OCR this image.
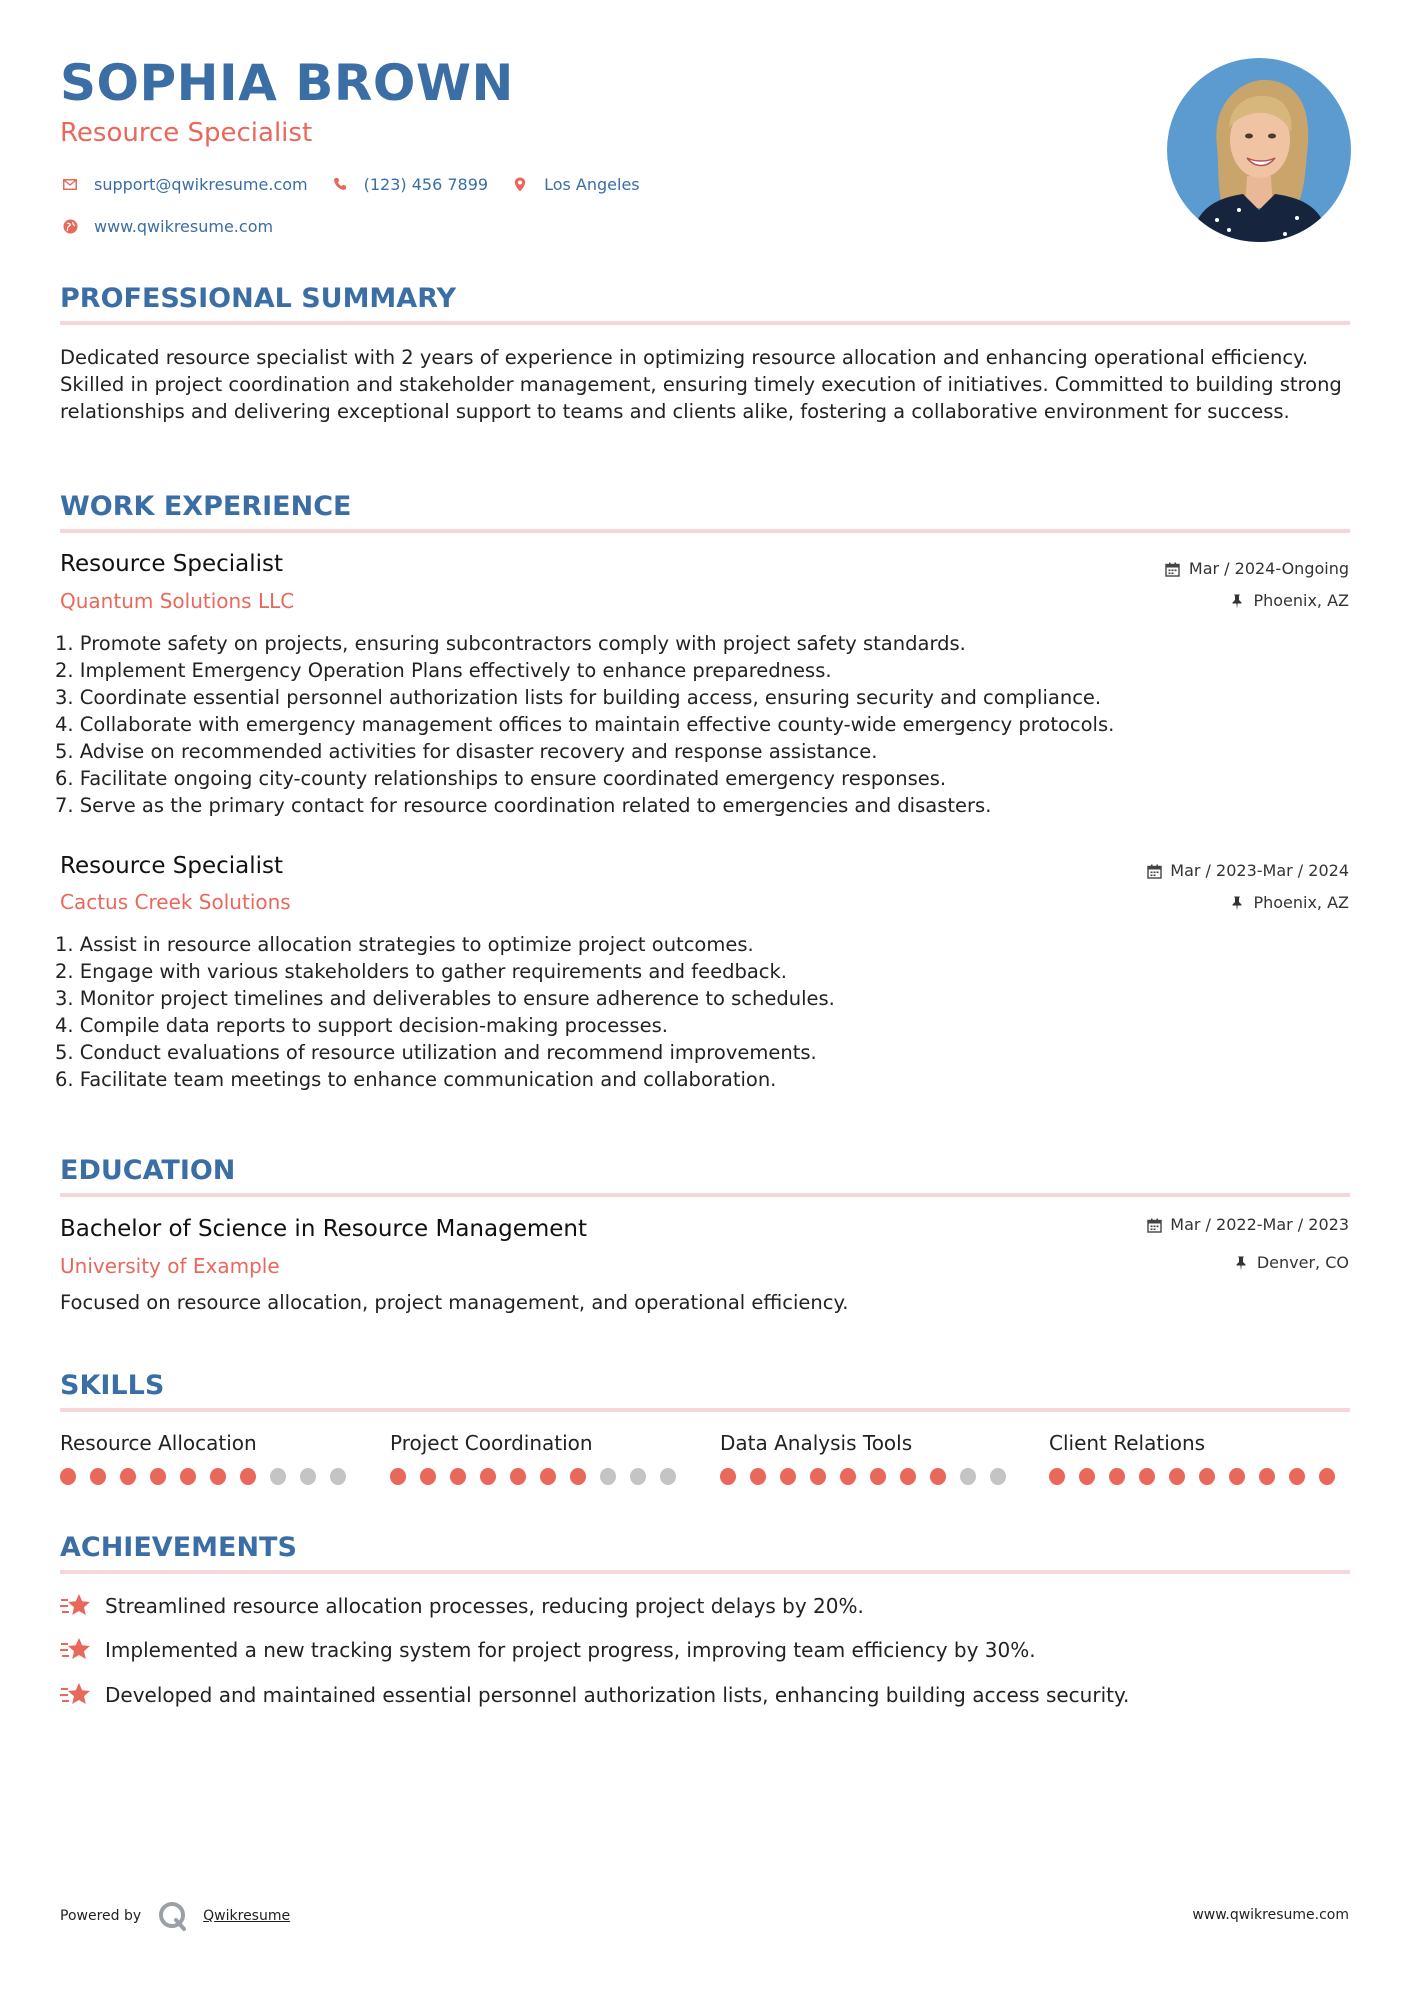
SOPHIA BROWN
Resource Specialist
support@qwikresume.com	(123) 456 7899	Los Angeles
www.qwikresume.com
PROFESSIONAL SUMMARY
Dedicated resource specialist with 2 years of experience in optimizing resource allocation and enhancing operational efficiency. Skilled in project coordination and stakeholder management, ensuring timely execution of initiatives. Committed to building strong relationships and delivering exceptional support to teams and clients alike, fostering a collaborative environment for success.
WORK EXPERIENCE
Resource Specialist
Quantum Solutions LLC
Mar / 2024-Ongoing
Phoenix, AZ
1. Promote safety on projects, ensuring subcontractors comply with project safety standards.
2. Implement Emergency Operation Plans effectively to enhance preparedness.
3. Coordinate essential personnel authorization lists for building access, ensuring security and compliance.
4. Collaborate with emergency management offices to maintain effective county-wide emergency protocols.
5. Advise on recommended activities for disaster recovery and response assistance.
6. Facilitate ongoing city-county relationships to ensure coordinated emergency responses.
7. Serve as the primary contact for resource coordination related to emergencies and disasters.
Resource Specialist
Cactus Creek Solutions
Mar / 2023-Mar / 2024
Phoenix, AZ
1. Assist in resource allocation strategies to optimize project outcomes.
2. Engage with various stakeholders to gather requirements and feedback.
3. Monitor project timelines and deliverables to ensure adherence to schedules.
4. Compile data reports to support decision-making processes.
5. Conduct evaluations of resource utilization and recommend improvements.
6. Facilitate team meetings to enhance communication and collaboration.
EDUCATION
Bachelor of Science in Resource Management
University of Example
Mar / 2022-Mar / 2023
Denver, CO
Focused on resource allocation, project management, and operational efficiency.
SKILLS
Resource Allocation	Project Coordination	Data Analysis Tools	Client Relations
ACHIEVEMENTS
Streamlined resource allocation processes, reducing project delays by 20%.
Implemented a new tracking system for project progress, improving team efficiency by 30%.
Developed and maintained essential personnel authorization lists, enhancing building access security.
Powered by	Qwikresume	www.qwikresume.com
